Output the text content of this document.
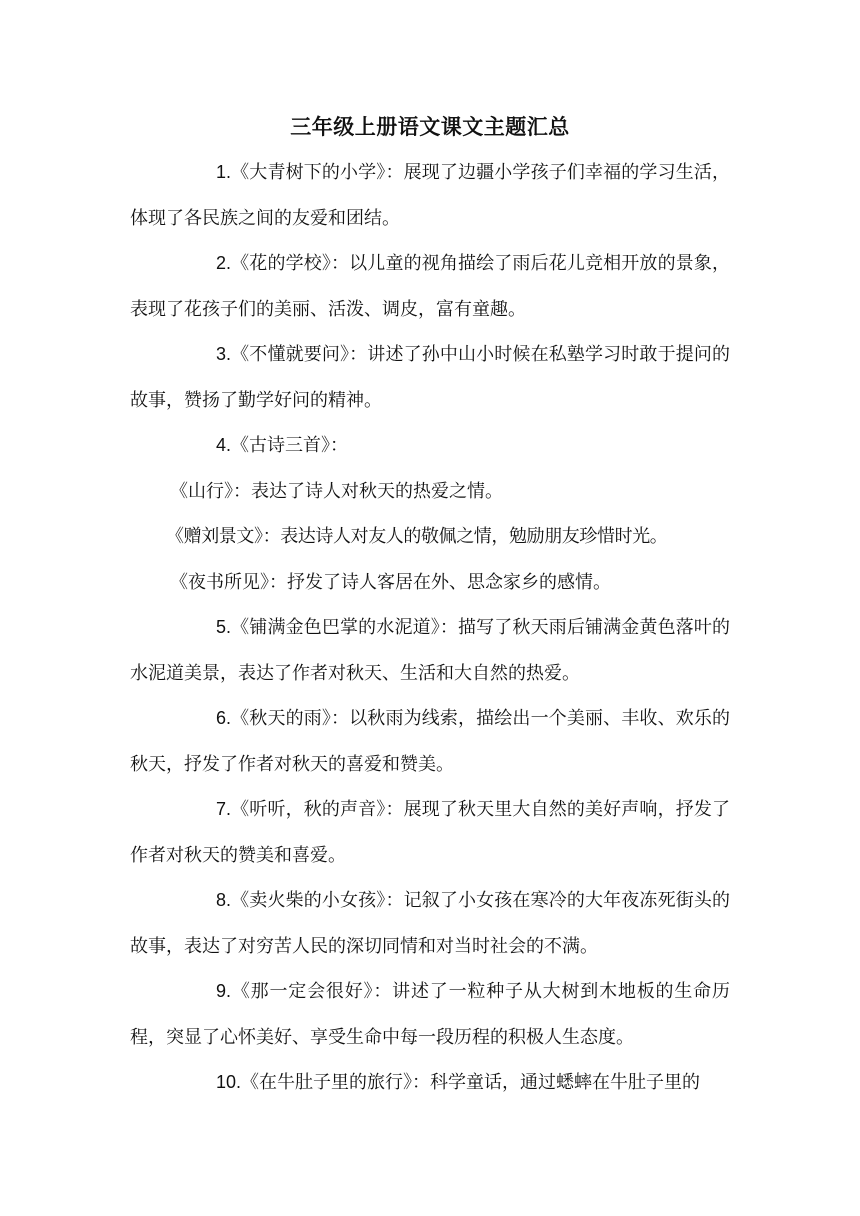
三年级上册语文课文主题汇总

1.《大青树下的小学》：展现了边疆小学孩子们幸福的学习生活，体现了各民族之间的友爱和团结。

2.《花的学校》：以儿童的视角描绘了雨后花儿竞相开放的景象，表现了花孩子们的美丽、活泼、调皮，富有童趣。

3.《不懂就要问》：讲述了孙中山小时候在私塾学习时敢于提问的故事，赞扬了勤学好问的精神。

4.《古诗三首》：

《山行》：表达了诗人对秋天的热爱之情。

《赠刘景文》：表达诗人对友人的敬佩之情，勉励朋友珍惜时光。

《夜书所见》：抒发了诗人客居在外、思念家乡的感情。

5.《铺满金色巴掌的水泥道》：描写了秋天雨后铺满金黄色落叶的水泥道美景，表达了作者对秋天、生活和大自然的热爱。

6.《秋天的雨》：以秋雨为线索，描绘出一个美丽、丰收、欢乐的秋天，抒发了作者对秋天的喜爱和赞美。

7.《听听，秋的声音》：展现了秋天里大自然的美好声响，抒发了作者对秋天的赞美和喜爱。

8.《卖火柴的小女孩》：记叙了小女孩在寒冷的大年夜冻死街头的故事，表达了对穷苦人民的深切同情和对当时社会的不满。

9.《那一定会很好》：讲述了一粒种子从大树到木地板的生命历程，突显了心怀美好、享受生命中每一段历程的积极人生态度。

10.《在牛肚子里的旅行》：科学童话，通过蟋蟀在牛肚子里的
